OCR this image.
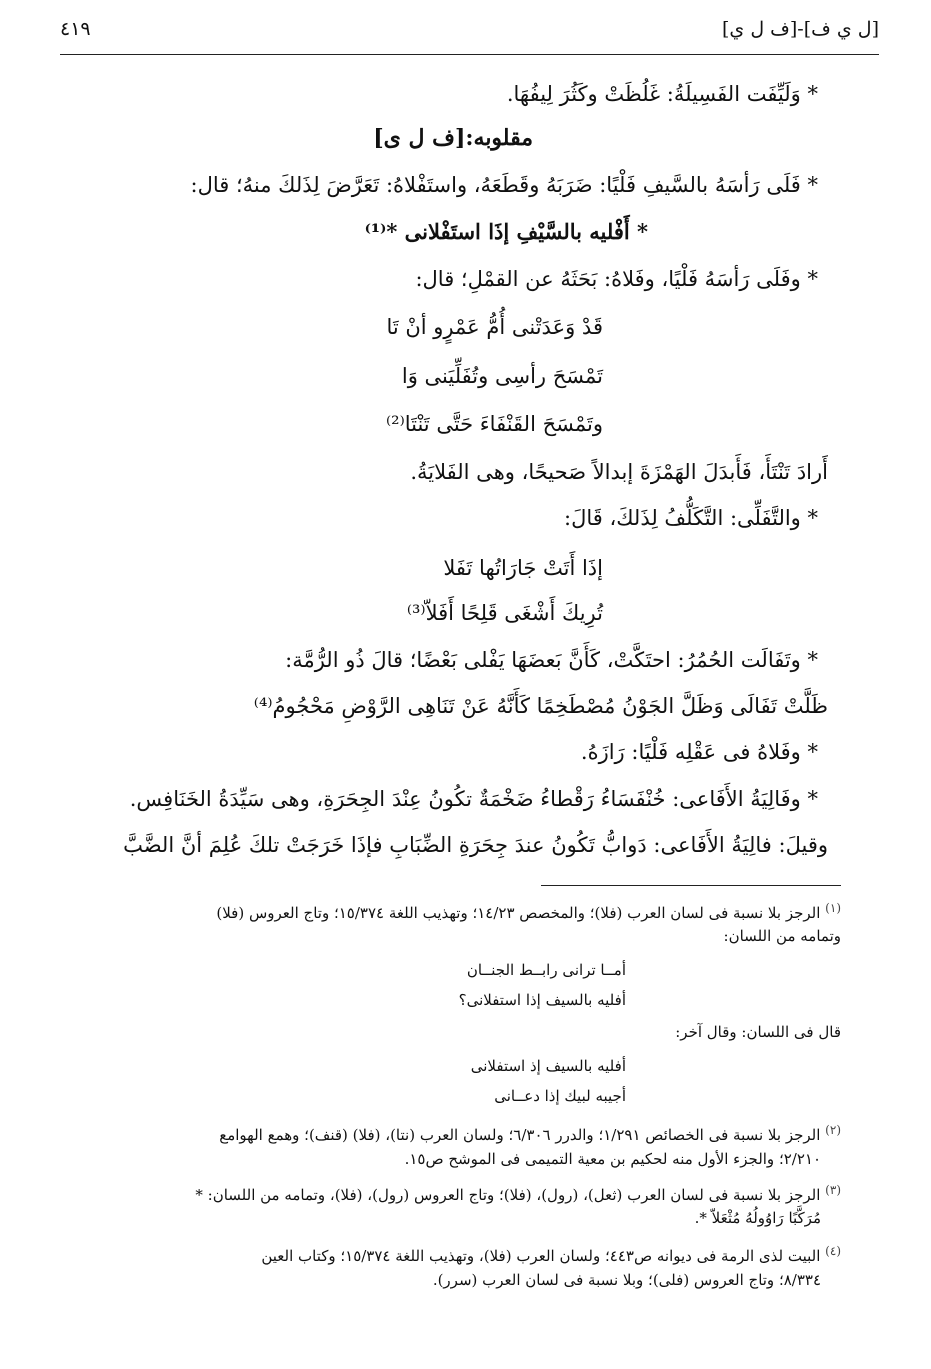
[ل ي ف]-[ف ل ي]
٤١٩
* وَلَيِّفَت الفَسِيلَةُ: غَلُظَتْ وكَثُرَ لِيفُهَا.
مقلوبه:[ف ل ى]
* فَلَى رَأسَهُ بالسَّيفِ فَلْيًا: ضَرَبَهُ وقَطَعَهُ، واستَفْلاهُ: تَعَرَّضَ لِذَلكَ منهُ؛ قال:
* أَفْليه بالسَّيْفِ إذَا استَفْلانى *⁽¹⁾
* وفَلَى رَأسَهُ فَلْيًا، وفَلاهُ: بَحَثَهُ عن القمْلِ؛ قال:
قَدْ وَعَدَتْنى أُمُّ عَمْرٍو أنْ تَا
تَمْسَحَ رأسِى وتُفَلِّيَنى وَا
وتَمْسَحَ القَنْفَاءَ حَتَّى تَنْتَا⁽²⁾
أَرادَ تَنْتَأَ، فَأَبدَلَ الهَمْزَةَ إبدالاً صَحيحًا، وهى الفَلايَةُ.
* والتَّفَلِّى: التَّكَلُّفُ لِذَلكَ، قَالَ:
إذَا أَتَتْ جَارَاتُها تَفَلا
تُرِيكَ أَشْغَى قَلِحًا أَفَلاّ⁽³⁾
* وتَفَالَت الحُمُرُ: احتَكَّتْ، كَأَنَّ بَعضَهَا يَفْلى بَعْضًا؛ قالَ ذُو الرُّمَّة:
ظَلَّتْ تَفَالَى وَظَلَّ الجَوْنُ مُصْطَخِمًا كَأَنَّهُ عَنْ تَنَاهِى الرَّوْضِ مَحْجُومُ⁽⁴⁾
* وفَلاهُ فى عَقْلِه فَلْيًا: رَازَهُ.
* وفَالِيَةُ الأَفَاعى: خُنْفَسَاءُ رَقْطاءُ ضَخْمَةٌ تكُونُ عِنْدَ الجِحَرَةِ، وهى سَيِّدَةُ الخَنَافِس.
وقيلَ: فالِيَةُ الأَفَاعى: دَوابُّ تَكُونُ عندَ جِحَرَةِ الضِّبَابِ فإذَا خَرَجَتْ تلكَ عُلِمَ أنَّ الضَّبَّ
$^{(١)}$ الرجز بلا نسبة فى لسان العرب (فلا)؛ والمخصص ١٤/٢٣؛ وتهذيب اللغة ١٥/٣٧٤؛ وتاج العروس (فلا)
وتمامه من اللسان:
أمــا ترانى رابــط الجنــان
أفليه بالسيف إذا استفلانى؟
قال فى اللسان: وقال آخر:
أفليه بالسيف إذ استفلانى
أجيبه لبيك إذا دعــانى
$^{(٢)}$ الرجز بلا نسبة فى الخصائص ١/٢٩١؛ والدرر ٦/٣٠٦؛ ولسان العرب (نتا)، (فلا) (قنف)؛ وهمع الهوامع
٢/٢١٠؛ والجزء الأول منه لحكيم بن معية التميمى فى الموشح ص١٥.
$^{(٣)}$ الرجز بلا نسبة فى لسان العرب (ثعل)، (رول)، (فلا)؛ وتاج العروس (رول)، (فلا)، وتمامه من اللسان: *
مُرَكَّبًا رَاوُولُهُ مُثْعَلاّ *.
$^{(٤)}$ البيت لذى الرمة فى ديوانه ص٤٤٣؛ ولسان العرب (فلا)، وتهذيب اللغة ١٥/٣٧٤؛ وكتاب العين
٨/٣٣٤؛ وتاج العروس (فلى)؛ وبلا نسبة فى لسان العرب (سرر).
